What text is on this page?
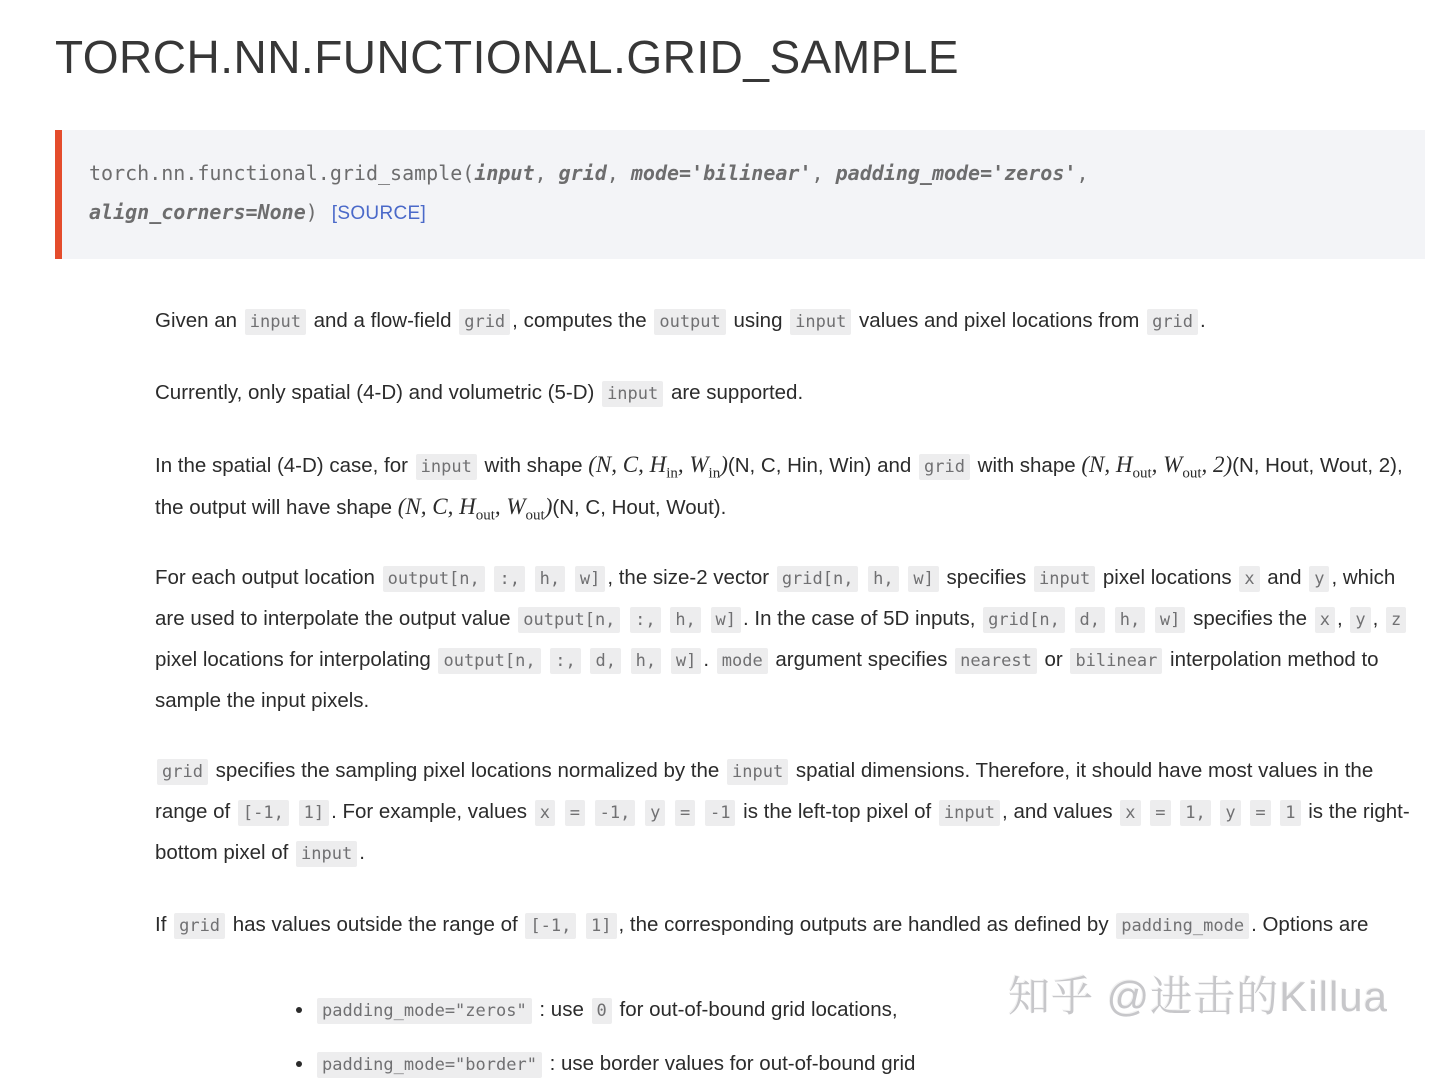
TORCH.NN.FUNCTIONAL.GRID_SAMPLE
torch.nn.functional.grid_sample(input, grid, mode='bilinear', padding_mode='zeros', align_corners=None) [SOURCE]

Given an input and a flow-field grid , computes the output using input values and pixel locations from grid .

Currently, only spatial (4-D) and volumetric (5-D) input are supported.

In the spatial (4-D) case, for input with shape (N, C, $H_{in}$, $W_{in})(N$, C, Hin, Win) and grid with shape (N, $H_{out}$, $W_{out}$, 2)(N, Hout, Wout, 2), the output will have shape (N, C, $H_{out}$, $W_{out})(N$, C, Hout, Wout).

For each output location output[n, :, h, w] , the size-2 vector grid[n, h, w] specifies input pixel locations x and y , which are used to interpolate the output value output[n, :, h, w] . In the case of 5D inputs, grid[n, d, h, w] specifies the x , y , z pixel locations for interpolating output[n, :, d, h, w] . mode argument specifies nearest or bilinear interpolation method to sample the input pixels.

grid specifies the sampling pixel locations normalized by the input spatial dimensions. Therefore, it should have most values in the range of [-1, 1] . For example, values x = -1, y = -1 is the left-top pixel of input , and values x = 1, y = 1 is the right-bottom pixel of input .

If grid has values outside the range of [-1, 1] , the corresponding outputs are handled as defined by padding_mode . Options are

• padding_mode="zeros" : use 0 for out-of-bound grid locations,
• padding_mode="border" : use border values for out-of-bound grid
知乎 @进击的Killua
